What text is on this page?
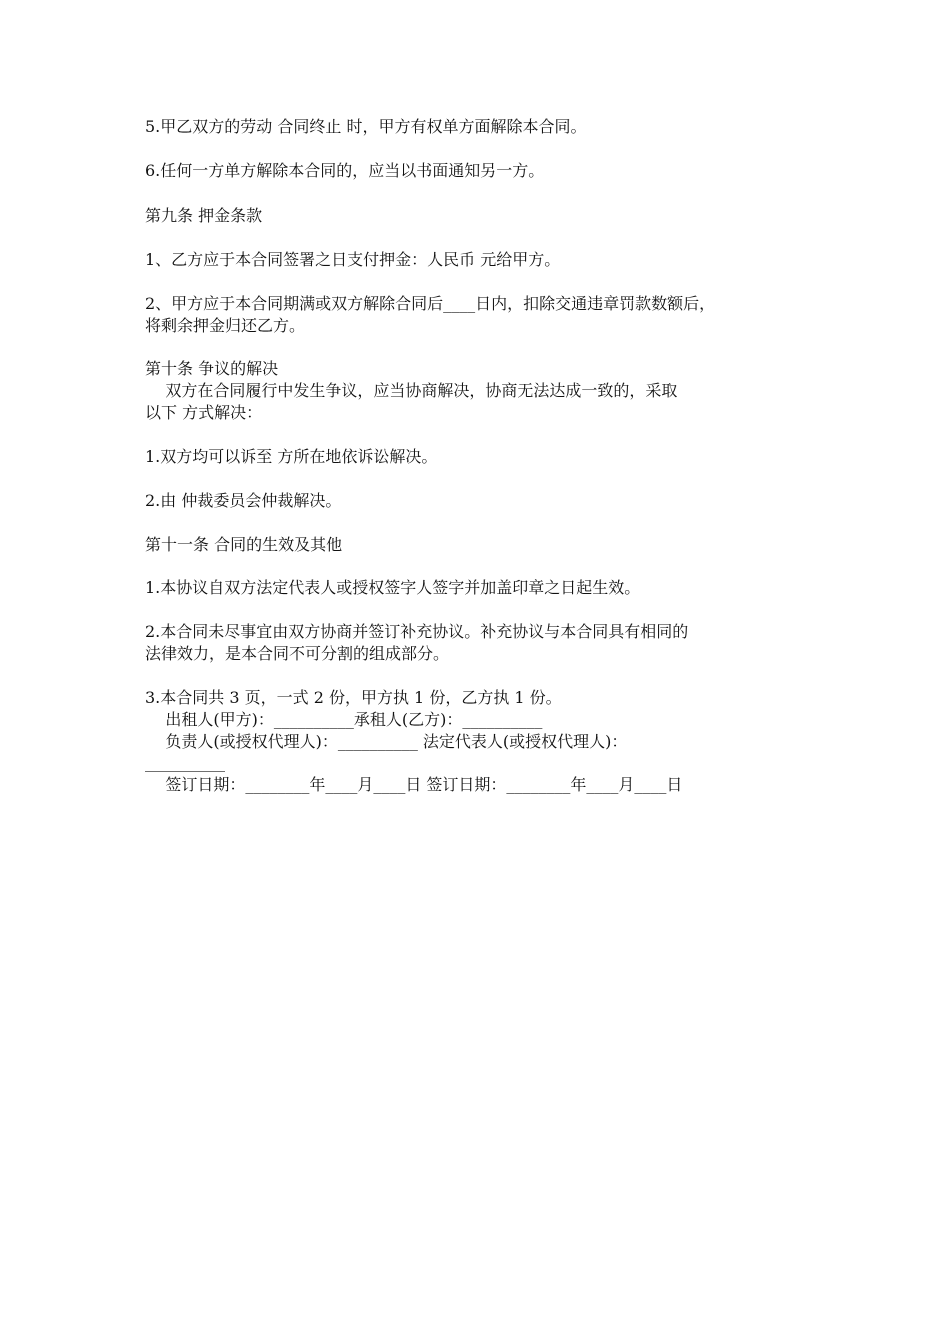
5.甲乙双方的劳动 合同终止 时，甲方有权单方面解除本合同。

6.任何一方单方解除本合同的，应当以书面通知另一方。

第九条 押金条款

1、乙方应于本合同签署之日支付押金：人民币 元给甲方。

2、甲方应于本合同期满或双方解除合同后____日内，扣除交通违章罚款数额后，

将剩余押金归还乙方。

第十条 争议的解决

双方在合同履行中发生争议，应当协商解决，协商无法达成一致的，采取

以下 方式解决：

1.双方均可以诉至 方所在地依诉讼解决。

2.由 仲裁委员会仲裁解决。

第十一条 合同的生效及其他

1.本协议自双方法定代表人或授权签字人签字并加盖印章之日起生效。

2.本合同未尽事宜由双方协商并签订补充协议。补充协议与本合同具有相同的

法律效力，是本合同不可分割的组成部分。

3.本合同共 3 页，一式 2 份，甲方执 1 份，乙方执 1 份。

出租人(甲方)：__________承租人(乙方)：__________

负责人(或授权代理人)：__________ 法定代表人(或授权代理人)：

__________

签订日期：________年____月____日 签订日期：________年____月____日
